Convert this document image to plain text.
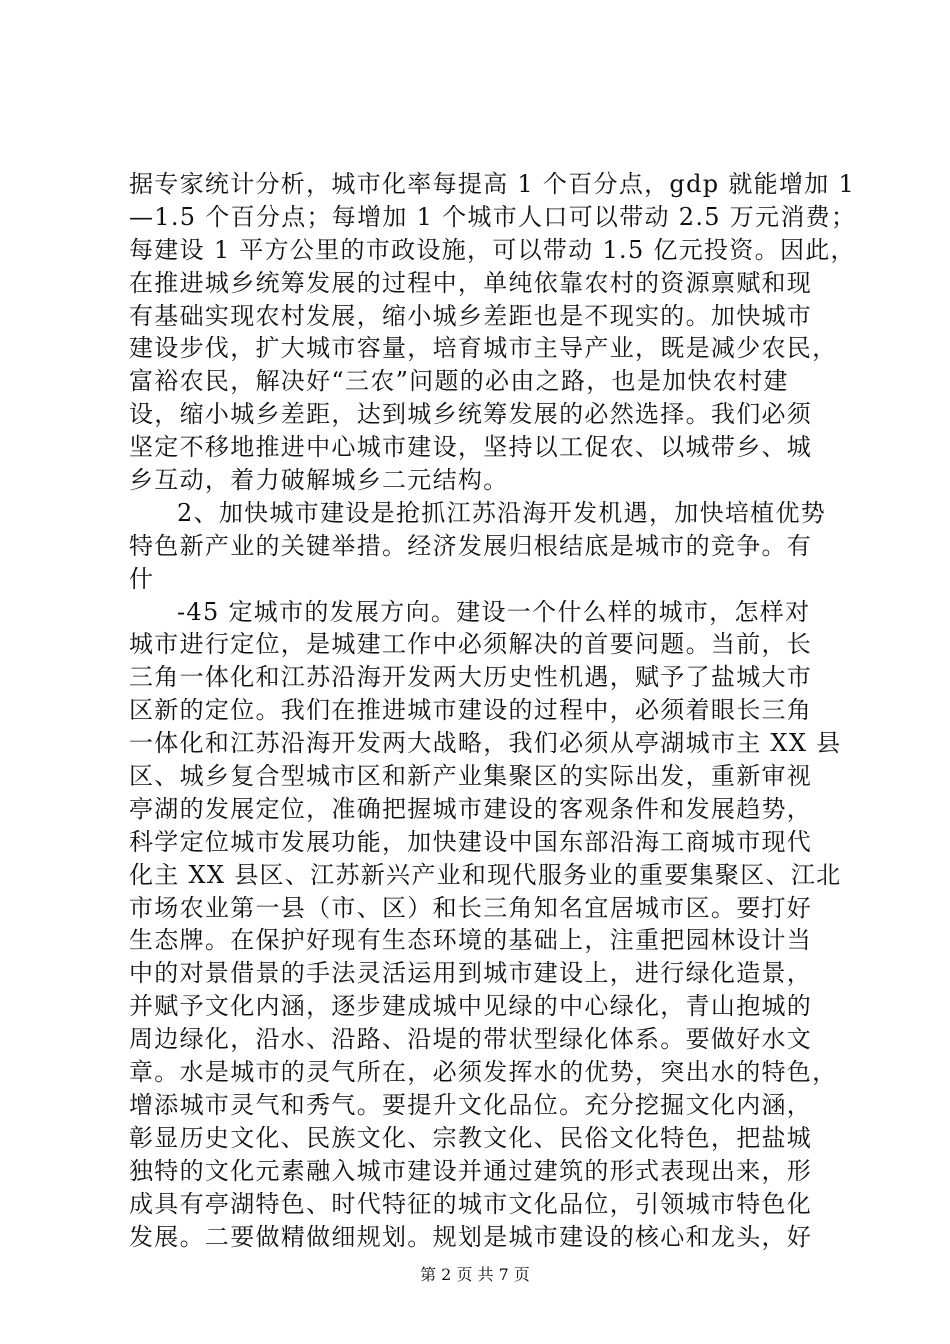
据专家统计分析，城市化率每提高 1 个百分点，gdp 就能增加 1
—1.5 个百分点；每增加 1 个城市人口可以带动 2.5 万元消费；
每建设 1 平方公里的市政设施，可以带动 1.5 亿元投资。因此，
在推进城乡统筹发展的过程中，单纯依靠农村的资源禀赋和现
有基础实现农村发展，缩小城乡差距也是不现实的。加快城市
建设步伐，扩大城市容量，培育城市主导产业，既是减少农民，
富裕农民，解决好“三农”问题的必由之路，也是加快农村建
设，缩小城乡差距，达到城乡统筹发展的必然选择。我们必须
坚定不移地推进中心城市建设，坚持以工促农、以城带乡、城
乡互动，着力破解城乡二元结构。
2、加快城市建设是抢抓江苏沿海开发机遇，加快培植优势
特色新产业的关键举措。经济发展归根结底是城市的竞争。有
什
-45 定城市的发展方向。建设一个什么样的城市，怎样对
城市进行定位，是城建工作中必须解决的首要问题。当前，长
三角一体化和江苏沿海开发两大历史性机遇，赋予了盐城大市
区新的定位。我们在推进城市建设的过程中，必须着眼长三角
一体化和江苏沿海开发两大战略，我们必须从亭湖城市主 XX 县
区、城乡复合型城市区和新产业集聚区的实际出发，重新审视
亭湖的发展定位，准确把握城市建设的客观条件和发展趋势，
科学定位城市发展功能，加快建设中国东部沿海工商城市现代
化主 XX 县区、江苏新兴产业和现代服务业的重要集聚区、江北
市场农业第一县（市、区）和长三角知名宜居城市区。要打好
生态牌。在保护好现有生态环境的基础上，注重把园林设计当
中的对景借景的手法灵活运用到城市建设上，进行绿化造景，
并赋予文化内涵，逐步建成城中见绿的中心绿化，青山抱城的
周边绿化，沿水、沿路、沿堤的带状型绿化体系。要做好水文
章。水是城市的灵气所在，必须发挥水的优势，突出水的特色，
增添城市灵气和秀气。要提升文化品位。充分挖掘文化内涵，
彰显历史文化、民族文化、宗教文化、民俗文化特色，把盐城
独特的文化元素融入城市建设并通过建筑的形式表现出来，形
成具有亭湖特色、时代特征的城市文化品位，引领城市特色化
发展。二要做精做细规划。规划是城市建设的核心和龙头，好
第 2 页 共 7 页
